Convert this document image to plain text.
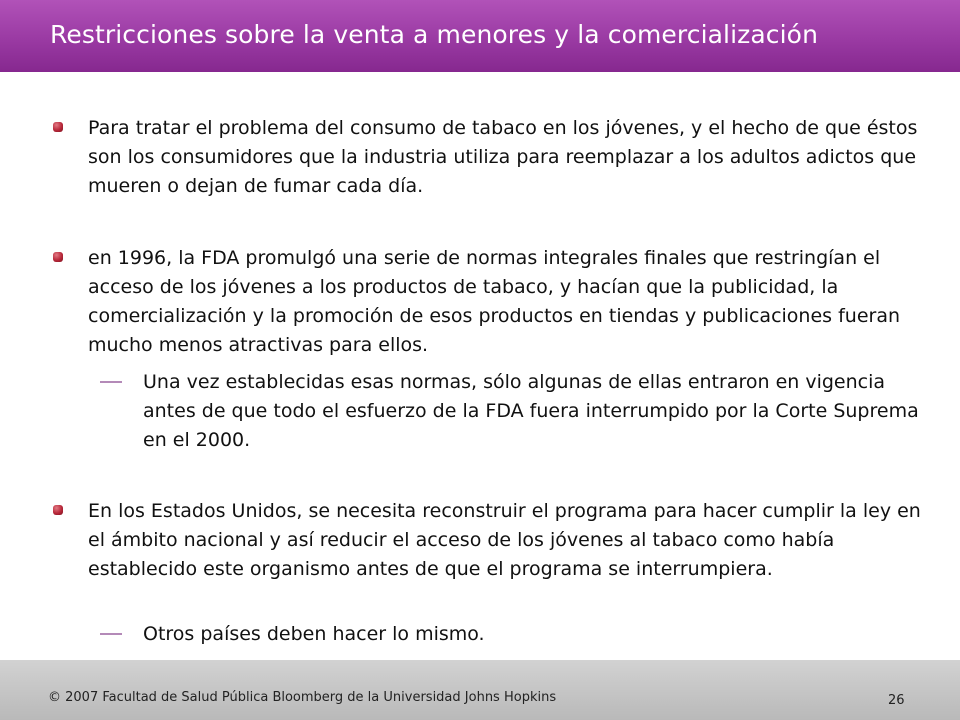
Restricciones sobre la venta a menores y la comercialización
Para tratar el problema del consumo de tabaco en los jóvenes, y el hecho de que éstos son los consumidores que la industria utiliza para reemplazar a los adultos adictos que mueren o dejan de fumar cada día.
en 1996, la FDA promulgó una serie de normas integrales finales que restringían el acceso de los jóvenes a los productos de tabaco, y hacían que la publicidad, la comercialización y la promoción de esos productos en tiendas y publicaciones fueran mucho menos atractivas para ellos.
Una vez establecidas esas normas, sólo algunas de ellas entraron en vigencia antes de que todo el esfuerzo de la FDA fuera interrumpido por la Corte Suprema en el 2000.
En los Estados Unidos, se necesita reconstruir el programa para hacer cumplir la ley en el ámbito nacional y así reducir el acceso de los jóvenes al tabaco como había establecido este organismo antes de que el programa se interrumpiera.
Otros países deben hacer lo mismo.
© 2007 Facultad de Salud Pública Bloomberg de la Universidad Johns Hopkins	26
